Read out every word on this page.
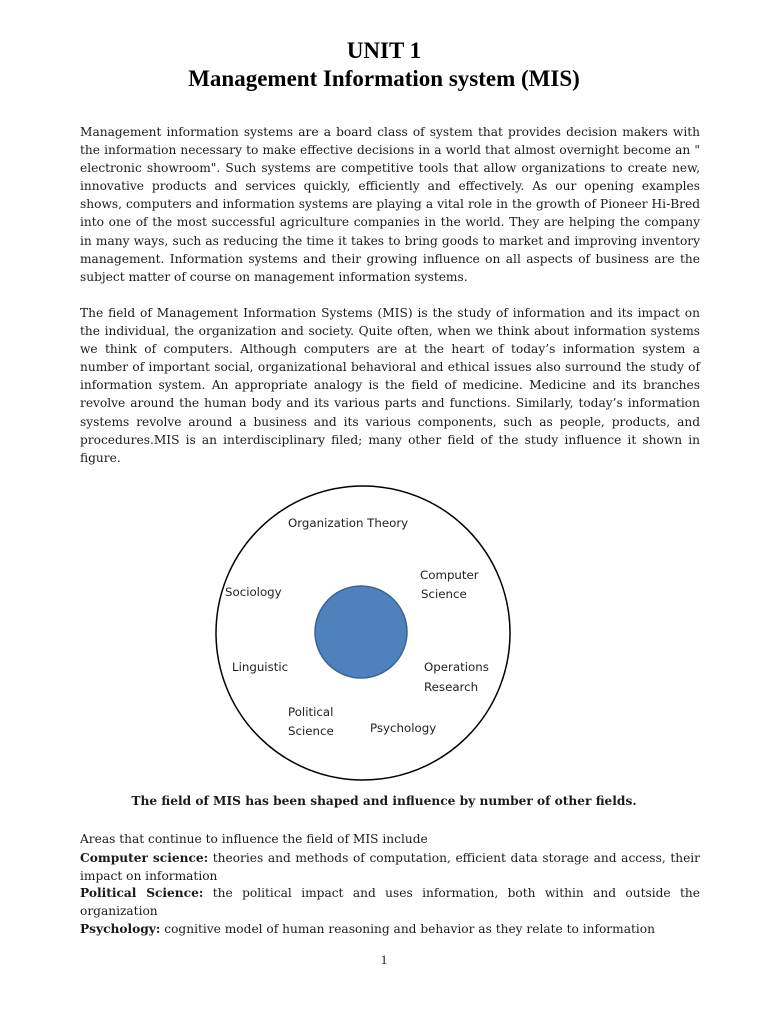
UNIT 1
Management Information system (MIS)

Management information systems are a board class of system that provides decision makers with the information necessary to make effective decisions in a world that almost overnight become an " electronic showroom". Such systems are competitive tools that allow organizations to create new, innovative products and services quickly, efficiently and effectively. As our opening examples shows, computers and information systems are playing a vital role in the growth of Pioneer Hi-Bred into one of the most successful agriculture companies in the world. They are helping the company in many ways, such as reducing the time it takes to bring goods to market and improving inventory management. Information systems and their growing influence on all aspects of business are the subject matter of course on management information systems.

The field of Management Information Systems (MIS) is the study of information and its impact on the individual, the organization and society. Quite often, when we think about information systems we think of computers. Although computers are at the heart of today’s information system a number of important social, organizational behavioral and ethical issues also surround the study of information system. An appropriate analogy is the field of medicine. Medicine and its branches revolve around the human body and its various parts and functions. Similarly, today’s information systems revolve around a business and its various components, such as people, products, and procedures.MIS is an interdisciplinary filed; many other field of the study influence it shown in figure.

Organization Theory
Computer
Science
Sociology
Linguistic	Operations
Research
Political
Science	Psychology
The field of MIS has been shaped and influence by number of other fields.

Areas that continue to influence the field of MIS include

Computer science: theories and methods of computation, efficient data storage and access, their impact on information

Political Science: the political impact and uses information, both within and outside the organization

Psychology: cognitive model of human reasoning and behavior as they relate to information

1
